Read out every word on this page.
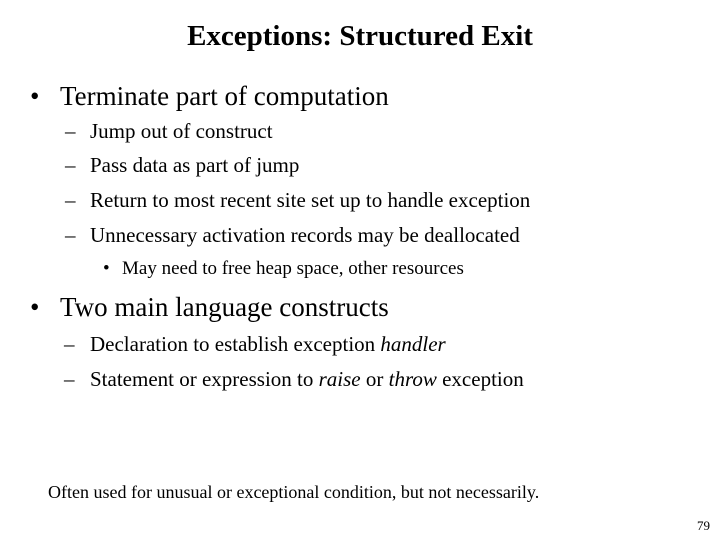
Exceptions: Structured Exit
• Terminate part of computation
– Jump out of construct
– Pass data as part of jump
– Return to most recent site set up to handle exception
– Unnecessary activation records may be deallocated
• May need to free heap space, other resources
• Two main language constructs
– Declaration to establish exception handler
– Statement or expression to raise or throw exception
Often used for unusual or exceptional condition, but not necessarily.
79
